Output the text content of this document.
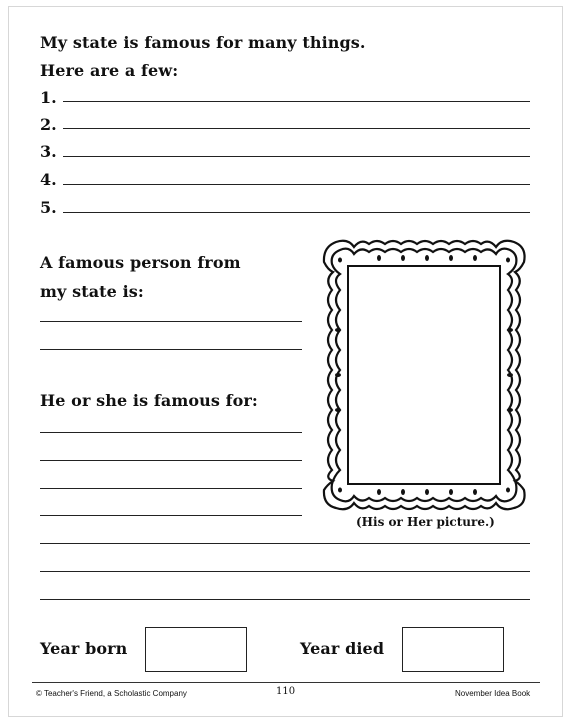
My state is famous for many things.
Here are a few:
1.
2.
3.
4.
5.
A famous person from
my state is:
He or she is famous for:
(His or Her picture.)
Year born	Year died
© Teacher's Friend, a Scholastic Company	110	November Idea Book
